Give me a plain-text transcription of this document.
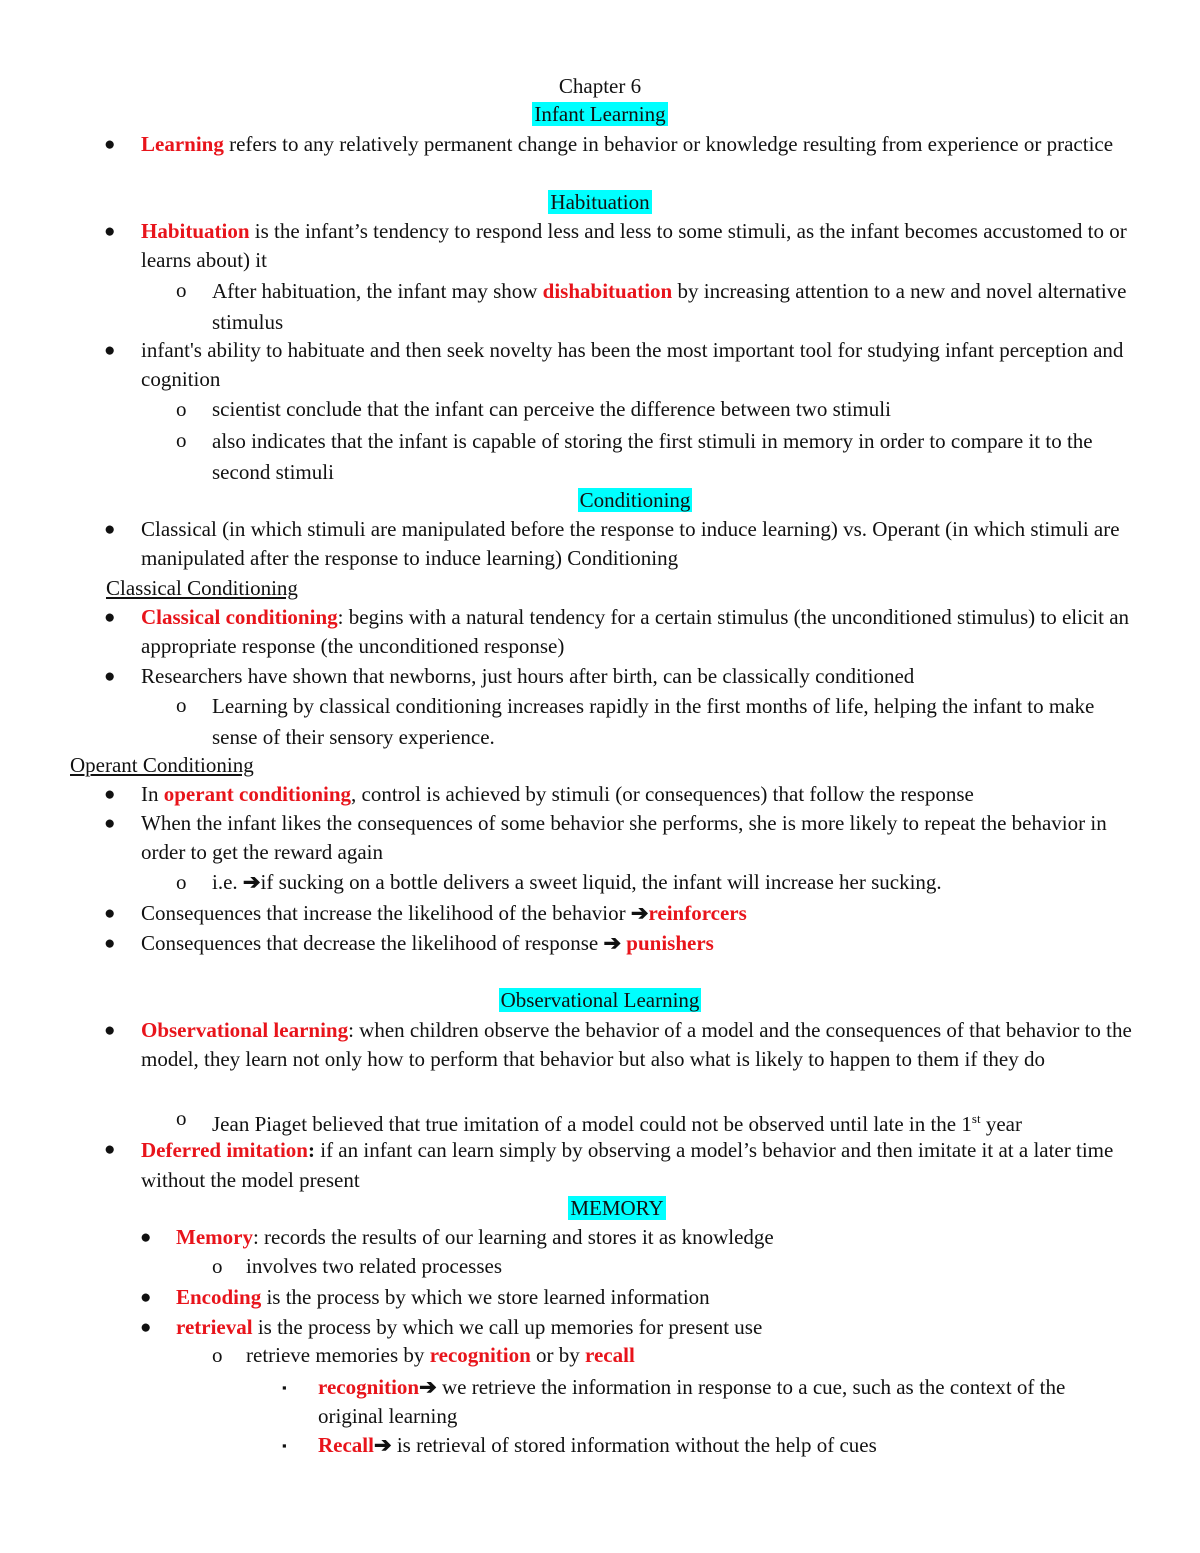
Chapter 6
Infant Learning
● Learning refers to any relatively permanent change in behavior or knowledge resulting from experience or practice
Habituation
● Habituation is the infant’s tendency to respond less and less to some stimuli, as the infant becomes accustomed to or learns about) it
o After habituation, the infant may show dishabituation by increasing attention to a new and novel alternative stimulus
● infant's ability to habituate and then seek novelty has been the most important tool for studying infant perception and cognition
o scientist conclude that the infant can perceive the difference between two stimuli
o also indicates that the infant is capable of storing the first stimuli in memory in order to compare it to the second stimuli
Conditioning
● Classical (in which stimuli are manipulated before the response to induce learning) vs. Operant (in which stimuli are manipulated after the response to induce learning) Conditioning
Classical Conditioning
● Classical conditioning: begins with a natural tendency for a certain stimulus (the unconditioned stimulus) to elicit an appropriate response (the unconditioned response)
● Researchers have shown that newborns, just hours after birth, can be classically conditioned
o Learning by classical conditioning increases rapidly in the first months of life, helping the infant to make sense of their sensory experience.
Operant Conditioning
● In operant conditioning, control is achieved by stimuli (or consequences) that follow the response
● When the infant likes the consequences of some behavior she performs, she is more likely to repeat the behavior in order to get the reward again
o i.e. ➔if sucking on a bottle delivers a sweet liquid, the infant will increase her sucking.
● Consequences that increase the likelihood of the behavior ➔reinforcers
● Consequences that decrease the likelihood of response ➔ punishers
Observational Learning
● Observational learning: when children observe the behavior of a model and the consequences of that behavior to the model, they learn not only how to perform that behavior but also what is likely to happen to them if they do
o Jean Piaget believed that true imitation of a model could not be observed until late in the 1st year
● Deferred imitation: if an infant can learn simply by observing a model’s behavior and then imitate it at a later time without the model present
MEMORY
● Memory: records the results of our learning and stores it as knowledge
o involves two related processes
● Encoding is the process by which we store learned information
● retrieval is the process by which we call up memories for present use
o retrieve memories by recognition or by recall
▪ recognition➔ we retrieve the information in response to a cue, such as the context of the original learning
▪ Recall➔ is retrieval of stored information without the help of cues
